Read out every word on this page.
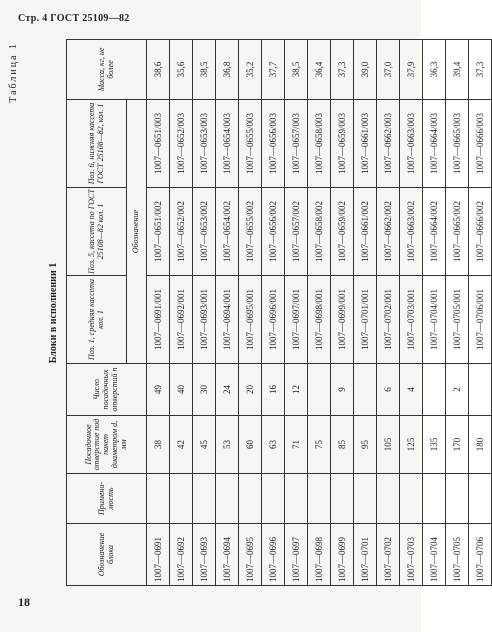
Стр. 4 ГОСТ 25109—82
Таблица 1
Блоки в исполнении 1
Обозначение блока	Примени-мость	Посадочное отверстие под пакет диаметром d, мм	Число посадочных отверстий n	Поз. 1, средняя кассета кол. 1	Поз. 5, кассета по ГОСТ 25108—82 кол. 1	Поз. 6, нижняя кассета ГОСТ 25108—82, кол. 1	Масса, кг, не более
				Обозначение			
1007—0691		38	49	1007—0691/001	1007—0651/002	1007—0651/003	38,6
1007—0692		42	40	1007—0692/001	1007—0652/002	1007—0652/003	35,6
1007—0693		45	30	1007—0693/001	1007—0653/002	1007—0653/003	38,5
1007—0694		53	24	1007—0694/001	1007—0654/002	1007—0654/003	36,8
1007—0695		60	20	1007—0695/001	1007—0655/002	1007—0655/003	35,2
1007—0696		63	16	1007—0696/001	1007—0656/002	1007—0656/003	37,7
1007—0697		71	12	1007—0697/001	1007—0657/002	1007—0657/003	38,5
1007—0698		75		1007—0698/001	1007—0658/002	1007—0658/003	36,4
1007—0699		85	9	1007—0699/001	1007—0659/002	1007—0659/003	37,3
1007—0701		95		1007—0701/001	1007—0661/002	1007—0661/003	39,0
1007—0702		105	6	1007—0702/001	1007—0662/002	1007—0662/003	37,0
1007—0703		125	4	1007—0703/001	1007—0663/002	1007—0663/003	37,9
1007—0704		135		1007—0704/001	1007—0664/002	1007—0664/003	36,3
1007—0705		170	2	1007—0705/001	1007—0665/002	1007—0665/003	39,4
1007—0706		180		1007—0706/001	1007—0666/002	1007—0666/003	37,3
18
